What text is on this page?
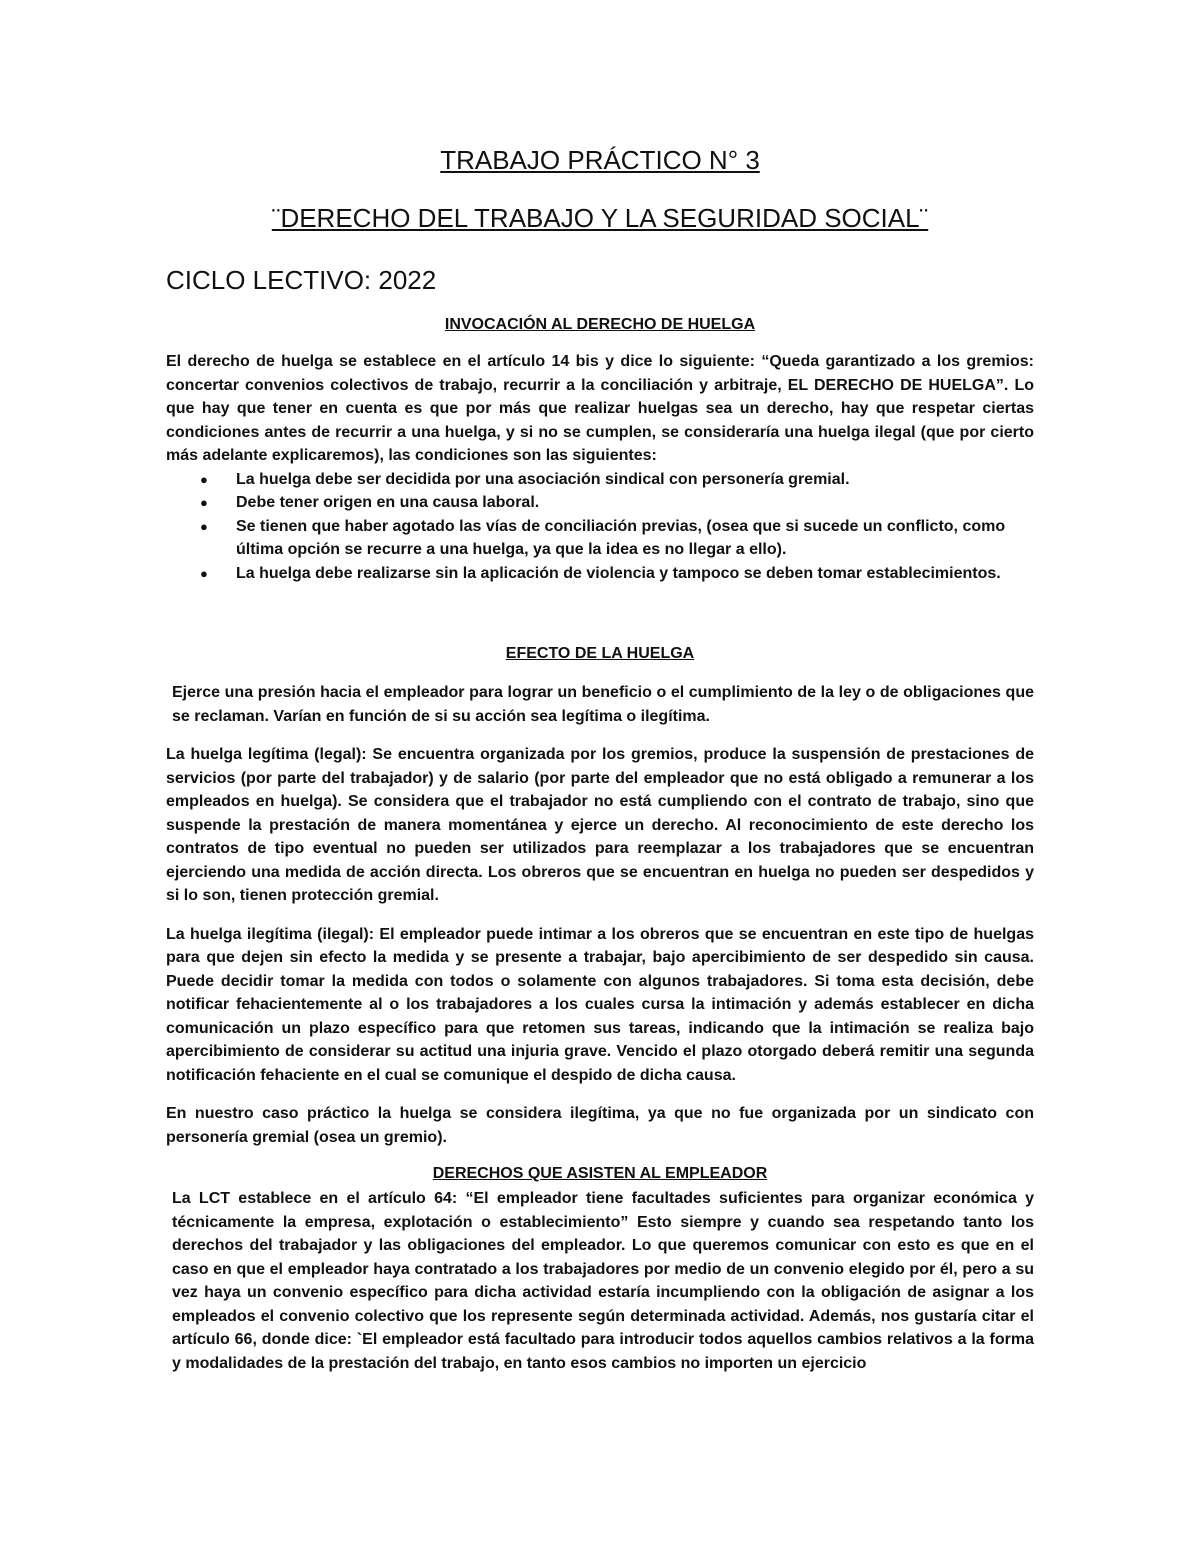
TRABAJO PRÁCTICO N° 3
¨DERECHO DEL TRABAJO Y LA SEGURIDAD SOCIAL¨
CICLO LECTIVO: 2022
INVOCACIÓN AL DERECHO DE HUELGA

El derecho de huelga se establece en el artículo 14 bis y dice lo siguiente: “Queda garantizado a los gremios: concertar convenios colectivos de trabajo, recurrir a la conciliación y arbitraje, EL DERECHO DE HUELGA”. Lo que hay que tener en cuenta es que por más que realizar huelgas sea un derecho, hay que respetar ciertas condiciones antes de recurrir a una huelga, y si no se cumplen, se consideraría una huelga ilegal (que por cierto más adelante explicaremos), las condiciones son las siguientes:

● La huelga debe ser decidida por una asociación sindical con personería gremial.
● Debe tener origen en una causa laboral.
● Se tienen que haber agotado las vías de conciliación previas, (osea que si sucede un conflicto, como última opción se recurre a una huelga, ya que la idea es no llegar a ello).
● La huelga debe realizarse sin la aplicación de violencia y tampoco se deben tomar establecimientos.
EFECTO DE LA HUELGA

Ejerce una presión hacia el empleador para lograr un beneficio o el cumplimiento de la ley o de obligaciones que se reclaman. Varían en función de si su acción sea legítima o ilegítima.

La huelga legítima (legal): Se encuentra organizada por los gremios, produce la suspensión de prestaciones de servicios (por parte del trabajador) y de salario (por parte del empleador que no está obligado a remunerar a los empleados en huelga). Se considera que el trabajador no está cumpliendo con el contrato de trabajo, sino que suspende la prestación de manera momentánea y ejerce un derecho. Al reconocimiento de este derecho los contratos de tipo eventual no pueden ser utilizados para reemplazar a los trabajadores que se encuentran ejerciendo una medida de acción directa. Los obreros que se encuentran en huelga no pueden ser despedidos y si lo son, tienen protección gremial.

La huelga ilegítima (ilegal): El empleador puede intimar a los obreros que se encuentran en este tipo de huelgas para que dejen sin efecto la medida y se presente a trabajar, bajo apercibimiento de ser despedido sin causa. Puede decidir tomar la medida con todos o solamente con algunos trabajadores. Si toma esta decisión, debe notificar fehacientemente al o los trabajadores a los cuales cursa la intimación y además establecer en dicha comunicación un plazo específico para que retomen sus tareas, indicando que la intimación se realiza bajo apercibimiento de considerar su actitud una injuria grave. Vencido el plazo otorgado deberá remitir una segunda notificación fehaciente en el cual se comunique el despido de dicha causa.

En nuestro caso práctico la huelga se considera ilegítima, ya que no fue organizada por un sindicato con personería gremial (osea un gremio).

DERECHOS QUE ASISTEN AL EMPLEADOR

La LCT establece en el artículo 64: “El empleador tiene facultades suficientes para organizar económica y técnicamente la empresa, explotación o establecimiento” Esto siempre y cuando sea respetando tanto los derechos del trabajador y las obligaciones del empleador. Lo que queremos comunicar con esto es que en el caso en que el empleador haya contratado a los trabajadores por medio de un convenio elegido por él, pero a su vez haya un convenio específico para dicha actividad estaría incumpliendo con la obligación de asignar a los empleados el convenio colectivo que los represente según determinada actividad. Además, nos gustaría citar el artículo 66, donde dice: `El empleador está facultado para introducir todos aquellos cambios relativos a la forma y modalidades de la prestación del trabajo, en tanto esos cambios no importen un ejercicio
